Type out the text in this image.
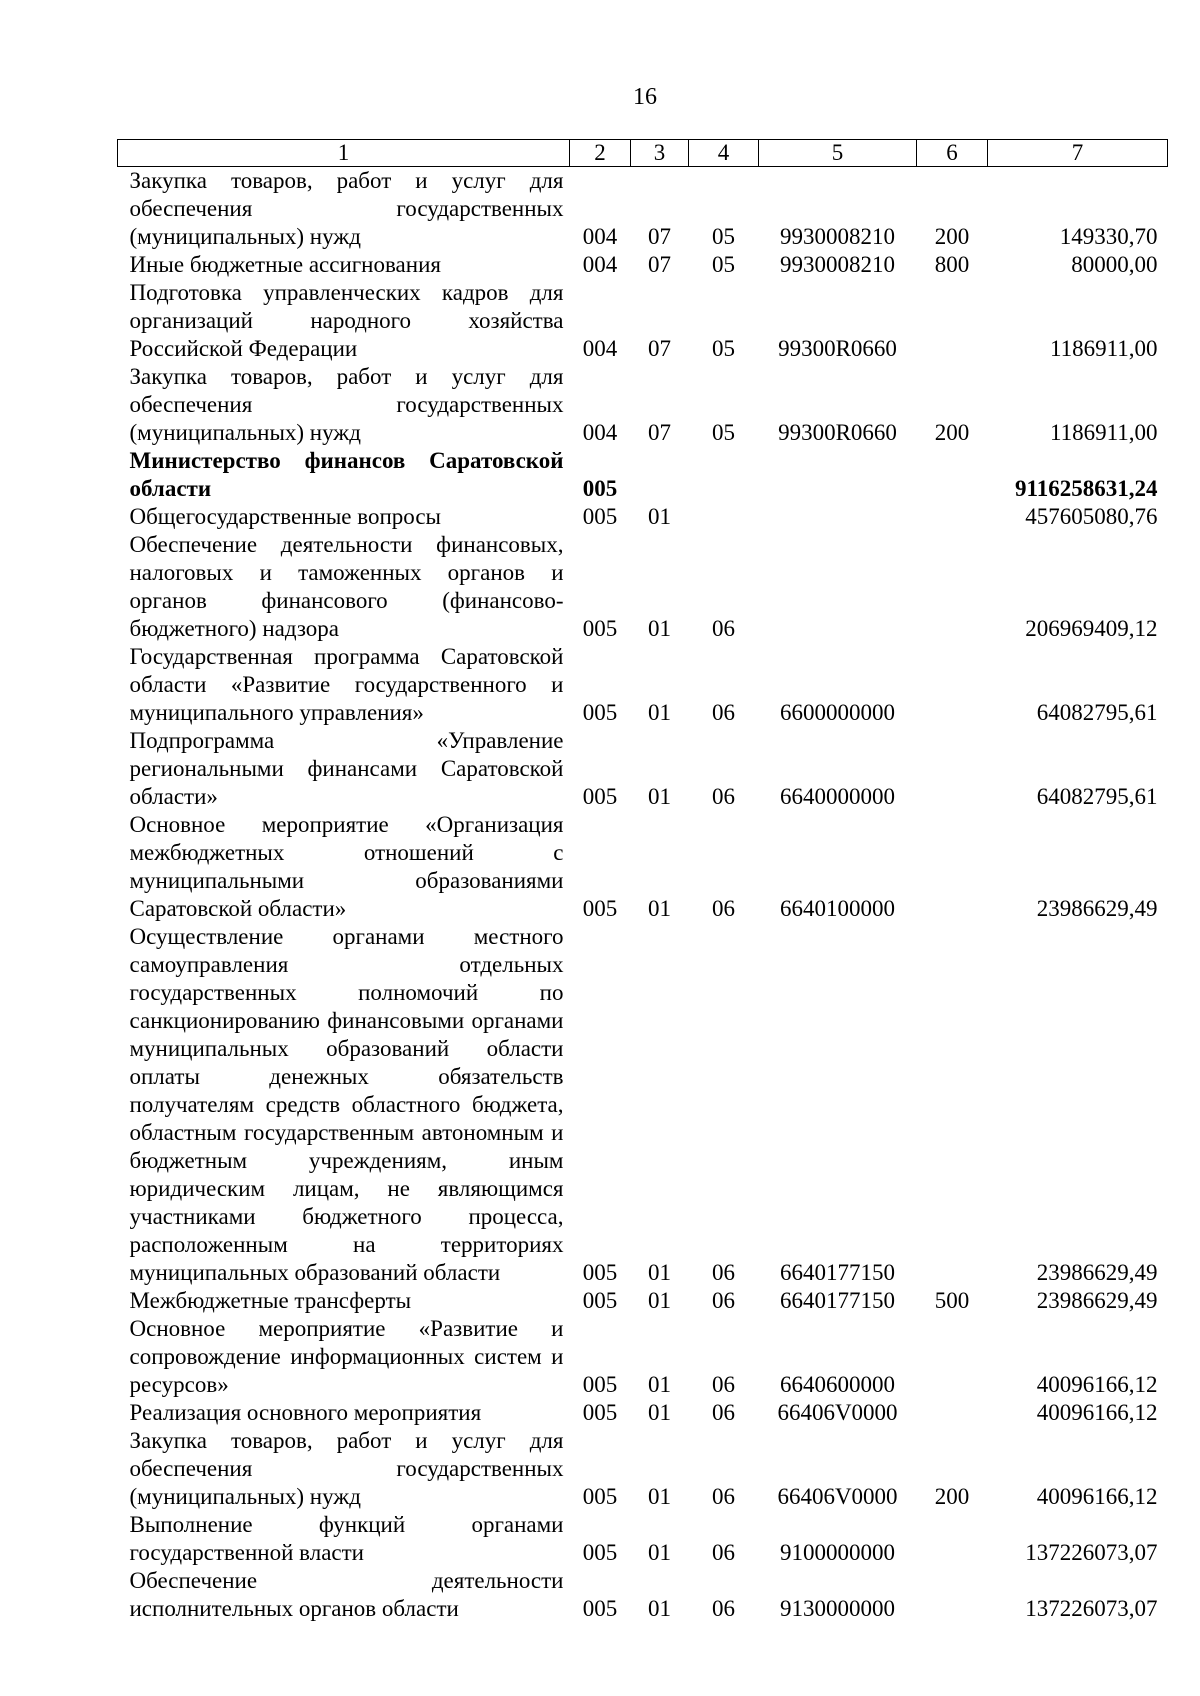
16
1	2	3	4	5	6	7
Закупка товаров, работ и услуг для обеспечения государственных (муниципальных) нужд	004	07	05	9930008210	200	149330,70
Иные бюджетные ассигнования	004	07	05	9930008210	800	80000,00
Подготовка управленческих кадров для организаций народного хозяйства Российской Федерации	004	07	05	99300R0660		1186911,00
Закупка товаров, работ и услуг для обеспечения государственных (муниципальных) нужд	004	07	05	99300R0660	200	1186911,00
Министерство финансов Саратовской области	005					9116258631,24
Общегосударственные вопросы	005	01				457605080,76
Обеспечение деятельности финансовых, налоговых и таможенных органов и органов финансового (финансово-бюджетного) надзора	005	01	06			206969409,12
Государственная программа Саратовской области «Развитие государственного и муниципального управления»	005	01	06	6600000000		64082795,61
Подпрограмма «Управление региональными финансами Саратовской области»	005	01	06	6640000000		64082795,61
Основное мероприятие «Организация межбюджетных отношений с муниципальными образованиями Саратовской области»	005	01	06	6640100000		23986629,49
Осуществление органами местного самоуправления отдельных государственных полномочий по санкционированию финансовыми органами муниципальных образований области оплаты денежных обязательств получателям средств областного бюджета, областным государственным автономным и бюджетным учреждениям, иным юридическим лицам, не являющимся участниками бюджетного процесса, расположенным на территориях муниципальных образований области	005	01	06	6640177150		23986629,49
Межбюджетные трансферты	005	01	06	6640177150	500	23986629,49
Основное мероприятие «Развитие и сопровождение информационных систем и ресурсов»	005	01	06	6640600000		40096166,12
Реализация основного мероприятия	005	01	06	66406V0000		40096166,12
Закупка товаров, работ и услуг для обеспечения государственных (муниципальных) нужд	005	01	06	66406V0000	200	40096166,12
Выполнение функций органами государственной власти	005	01	06	9100000000		137226073,07
Обеспечение деятельности исполнительных органов области	005	01	06	9130000000		137226073,07
